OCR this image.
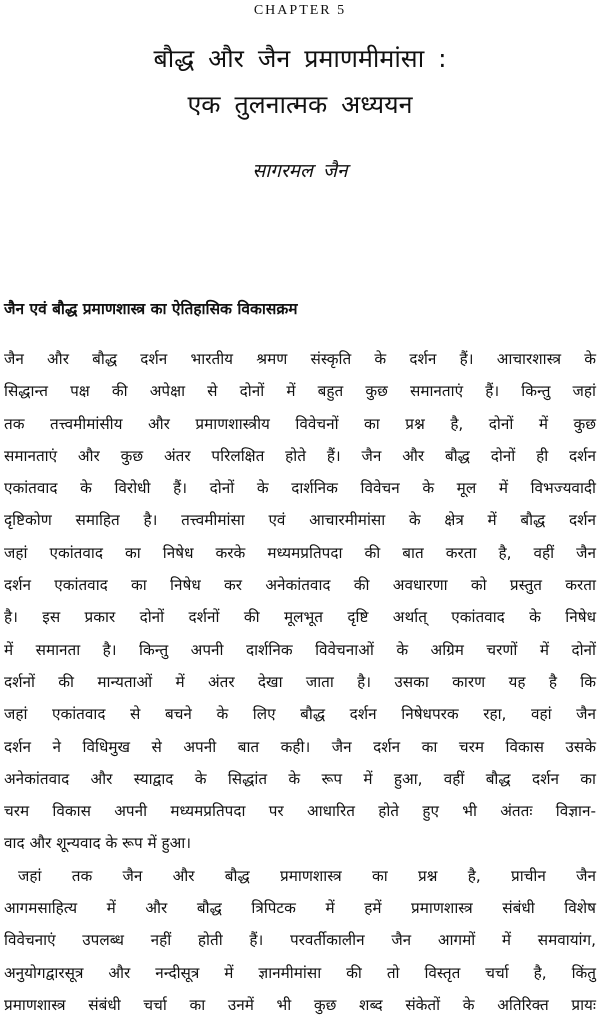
CHAPTER 5
बौद्ध और जैन प्रमाणमीमांसा :
एक तुलनात्मक अध्ययन
सागरमल जैन
जैन एवं बौद्ध प्रमाणशास्त्र का ऐतिहासिक विकासक्रम
जैन और बौद्ध दर्शन भारतीय श्रमण संस्कृति के दर्शन हैं। आचारशास्त्र के
सिद्धान्त पक्ष की अपेक्षा से दोनों में बहुत कुछ समानताएं हैं। किन्तु जहां
तक तत्त्वमीमांसीय और प्रमाणशास्त्रीय विवेचनों का प्रश्न है, दोनों में कुछ
समानताएं और कुछ अंतर परिलक्षित होते हैं। जैन और बौद्ध दोनों ही दर्शन
एकांतवाद के विरोधी हैं। दोनों के दार्शनिक विवेचन के मूल में विभज्यवादी
दृष्टिकोण समाहित है। तत्त्वमीमांसा एवं आचारमीमांसा के क्षेत्र में बौद्ध दर्शन
जहां एकांतवाद का निषेध करके मध्यमप्रतिपदा की बात करता है, वहीं जैन
दर्शन एकांतवाद का निषेध कर अनेकांतवाद की अवधारणा को प्रस्तुत करता
है। इस प्रकार दोनों दर्शनों की मूलभूत दृष्टि अर्थात् एकांतवाद के निषेध
में समानता है। किन्तु अपनी दार्शनिक विवेचनाओं के अग्रिम चरणों में दोनों
दर्शनों की मान्यताओं में अंतर देखा जाता है। उसका कारण यह है कि
जहां एकांतवाद से बचने के लिए बौद्ध दर्शन निषेधपरक रहा, वहां जैन
दर्शन ने विधिमुख से अपनी बात कही। जैन दर्शन का चरम विकास उसके
अनेकांतवाद और स्याद्वाद के सिद्धांत के रूप में हुआ, वहीं बौद्ध दर्शन का
चरम विकास अपनी मध्यमप्रतिपदा पर आधारित होते हुए भी अंततः विज्ञान-
वाद और शून्यवाद के रूप में हुआ।
जहां तक जैन और बौद्ध प्रमाणशास्त्र का प्रश्न है, प्राचीन जैन
आगमसाहित्य में और बौद्ध त्रिपिटक में हमें प्रमाणशास्त्र संबंधी विशेष
विवेचनाएं उपलब्ध नहीं होती हैं। परवर्तीकालीन जैन आगमों में समवायांग,
अनुयोगद्वारसूत्र और नन्दीसूत्र में ज्ञानमीमांसा की तो विस्तृत चर्चा है, किंतु
प्रमाणशास्त्र संबंधी चर्चा का उनमें भी कुछ शब्द संकेतों के अतिरिक्त प्रायः
